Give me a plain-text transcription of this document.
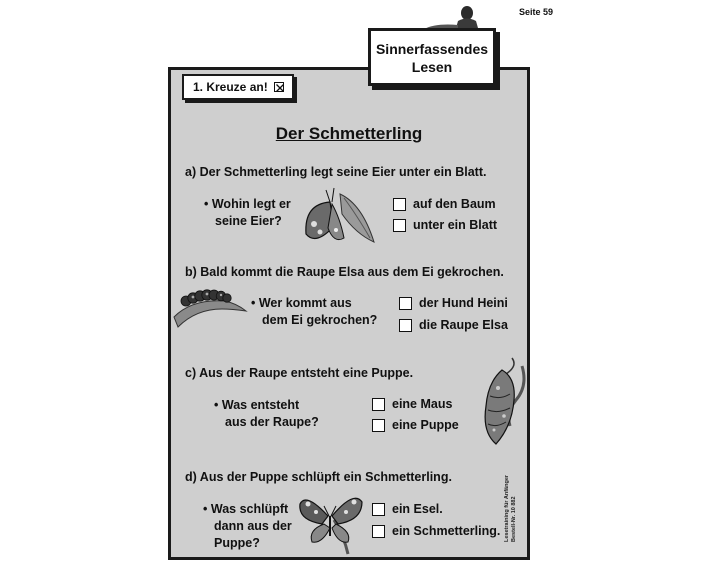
Seite 59
Sinnerfassendes
Lesen
1. Kreuze an!
Der Schmetterling
a) Der Schmetterling legt seine Eier unter ein Blatt.
• Wohin legt er
seine Eier?
auf den Baum
unter ein Blatt
b) Bald kommt die Raupe Elsa aus dem Ei gekrochen.
• Wer kommt aus
dem Ei gekrochen?
der Hund Heini
die Raupe Elsa
c) Aus der Raupe entsteht eine Puppe.
• Was entsteht
aus der Raupe?
eine Maus
eine Puppe
d) Aus der Puppe schlüpft ein Schmetterling.
• Was schlüpft
dann aus der
Puppe?
ein Esel.
ein Schmetterling. Lesetraining für Anfänger Bestell-Nr. 10 882
